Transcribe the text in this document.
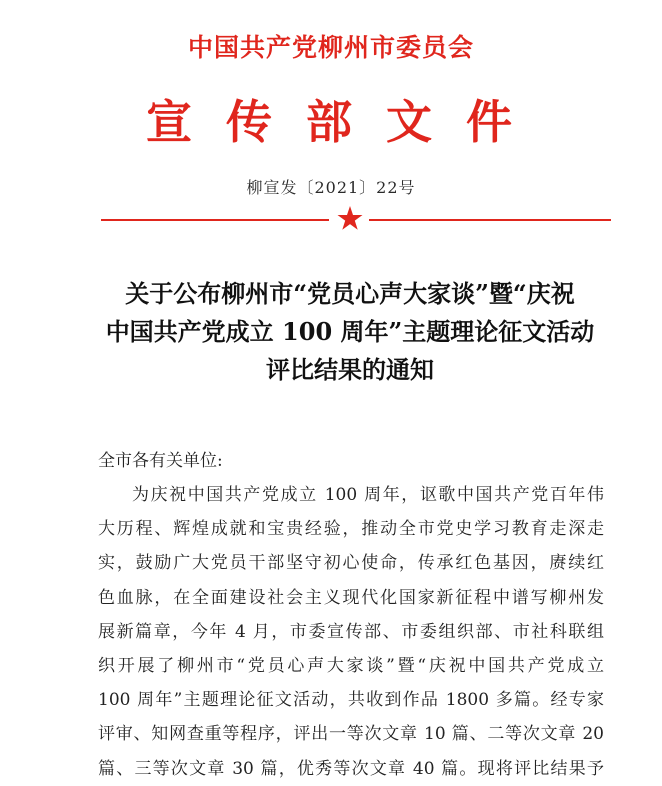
中国共产党柳州市委员会
宣传部文件
柳宣发〔2021〕22号
关于公布柳州市“党员心声大家谈”暨“庆祝
中国共产党成立 100 周年”主题理论征文活动
评比结果的通知
全市各有关单位:
为庆祝中国共产党成立 100 周年，讴歌中国共产党百年伟
大历程、辉煌成就和宝贵经验，推动全市党史学习教育走深走
实，鼓励广大党员干部坚守初心使命，传承红色基因，赓续红
色血脉，在全面建设社会主义现代化国家新征程中谱写柳州发
展新篇章，今年 4 月，市委宣传部、市委组织部、市社科联组
织开展了柳州市“党员心声大家谈”暨“庆祝中国共产党成立
100 周年”主题理论征文活动，共收到作品 1800 多篇。经专家
评审、知网查重等程序，评出一等次文章 10 篇、二等次文章 20
篇、三等次文章 30 篇，优秀等次文章 40 篇。现将评比结果予
